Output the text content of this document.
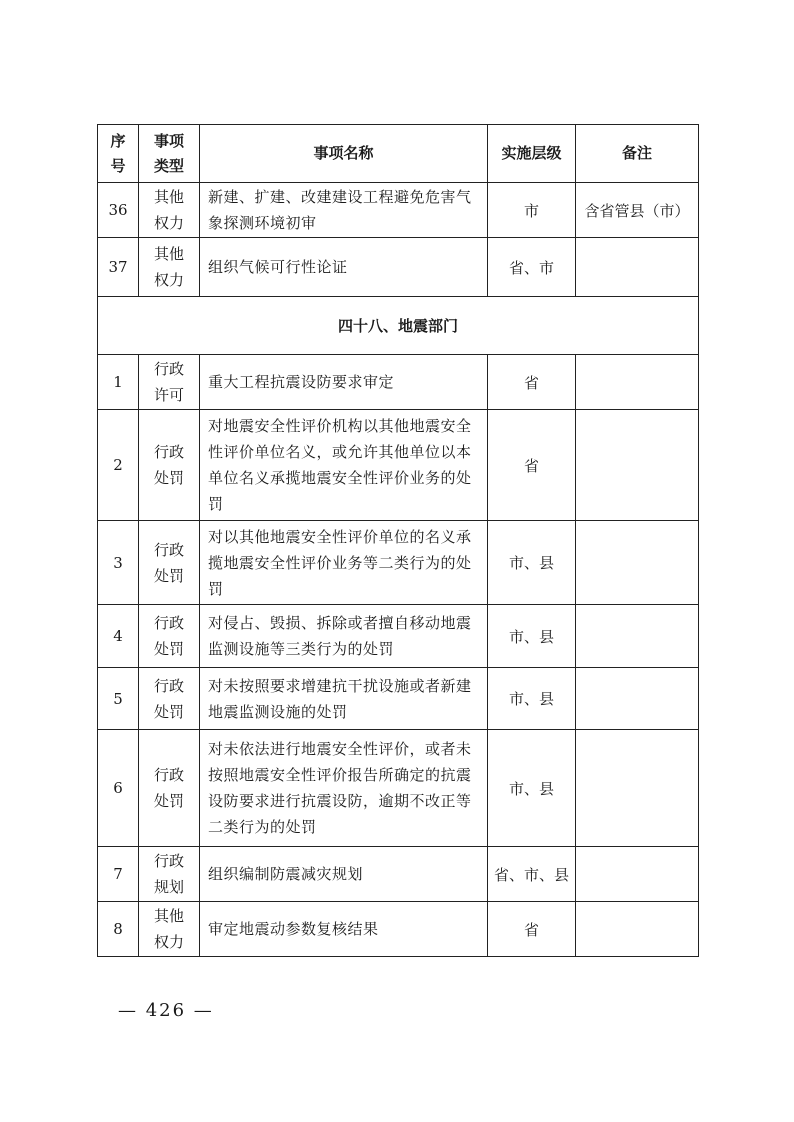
序号	事项类型	事项名称	实施层级	备注
36	其他权力	新建、扩建、改建建设工程避免危害气象探测环境初审	市	含省管县（市）
37	其他权力	组织气候可行性论证	省、市	
四十八、地震部门				
1	行政许可	重大工程抗震设防要求审定	省	
2	行政处罚	对地震安全性评价机构以其他地震安全性评价单位名义，或允许其他单位以本单位名义承揽地震安全性评价业务的处罚	省	
3	行政处罚	对以其他地震安全性评价单位的名义承揽地震安全性评价业务等二类行为的处罚	市、县	
4	行政处罚	对侵占、毁损、拆除或者擅自移动地震监测设施等三类行为的处罚	市、县	
5	行政处罚	对未按照要求增建抗干扰设施或者新建地震监测设施的处罚	市、县	
6	行政处罚	对未依法进行地震安全性评价，或者未按照地震安全性评价报告所确定的抗震设防要求进行抗震设防，逾期不改正等二类行为的处罚	市、县	
7	行政规划	组织编制防震减灾规划	省、市、县	
8	其他权力	审定地震动参数复核结果	省	
— 426 —
